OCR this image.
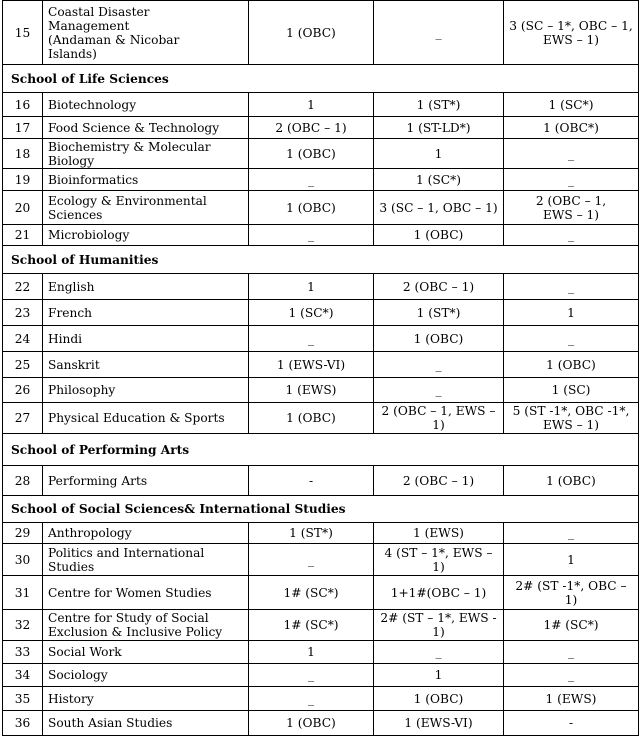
15	Coastal Disaster
Management
(Andaman & Nicobar
Islands)	1 (OBC)	_	3 (SC – 1*, OBC – 1,
EWS – 1)
School of Life Sciences				
16	Biotechnology	1	1 (ST*)	1 (SC*)
17	Food Science & Technology	2 (OBC – 1)	1 (ST-LD*)	1 (OBC*)
18	Biochemistry & Molecular
Biology	1 (OBC)	1	_
19	Bioinformatics	_	1 (SC*)	_
20	Ecology & Environmental
Sciences	1 (OBC)	3 (SC – 1, OBC – 1)	2 (OBC – 1,
EWS – 1)
21	Microbiology	_	1 (OBC)	_
School of Humanities				
22	English	1	2 (OBC – 1)	_
23	French	1 (SC*)	1 (ST*)	1
24	Hindi	_	1 (OBC)	_
25	Sanskrit	1 (EWS-VI)	_	1 (OBC)
26	Philosophy	1 (EWS)	_	1 (SC)
27	Physical Education & Sports	1 (OBC)	2 (OBC – 1, EWS – 1)	5 (ST -1*, OBC -1*,
EWS – 1)
School of Performing Arts				
28	Performing Arts	-	2 (OBC – 1)	1 (OBC)
School of Social Sciences& International Studies				
29	Anthropology	1 (ST*)	1 (EWS)	_
30	Politics and International
Studies	_	4 (ST – 1*, EWS – 1)	1
31	Centre for Women Studies	1# (SC*)	1+1#(OBC – 1)	2# (ST -1*, OBC –
1)
32	Centre for Study of Social
Exclusion & Inclusive Policy	1# (SC*)	2# (ST – 1*, EWS - 1)	1# (SC*)
33	Social Work	1	_	_
34	Sociology	_	1	_
35	History	_	1 (OBC)	1 (EWS)
36	South Asian Studies	1 (OBC)	1 (EWS-VI)	-
